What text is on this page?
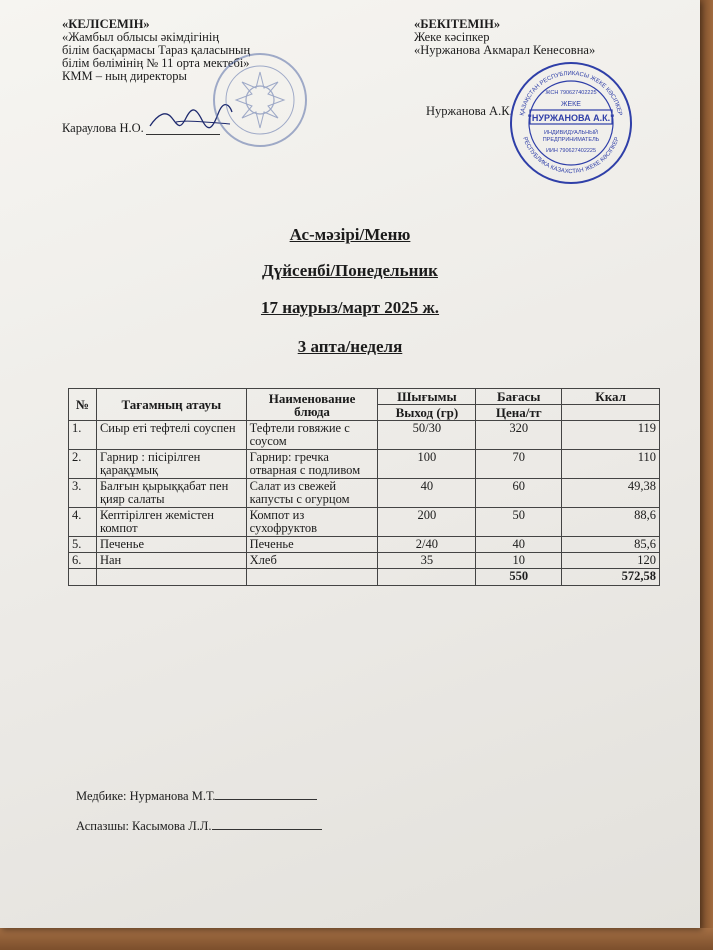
«КЕЛІСЕМІН»
«Жамбыл облысы әкімдігінің
білім басқармасы Тараз қаласының
білім бөлімінің № 11 орта мектебі»
КММ – ның директоры
Караулова Н.О.
«БЕКІТЕМІН»
Жеке кәсіпкер
«Нуржанова Акмарал Кенесовна»
Нуржанова А.К. ҚАЗАҚСТАН РЕСПУБЛИКАСЫ ЖЕКЕ КӘСІПКЕР
РЕСПУБЛИКА КАЗАХСТАН ЖЕКЕ КӘСІПКЕР
ЖСН 790627402225
ЖЕКЕ
"НУРЖАНОВА А.К."
ИНДИВИДУАЛЬНЫЙ
ПРЕДПРИНИМАТЕЛЬ
ИИН 790627402225
Ас-мәзірі/Меню
Дүйсенбі/Понедельник
17 наурыз/март 2025 ж.
3 апта/неделя
№	Тағамның атауы	Наименование блюда	Шығымы	Бағасы	Ккал
			Выход (гр)	Цена/тг	
1.	Сиыр еті тефтелі соуспен	Тефтели говяжие с соусом	50/30	320	119
2.	Гарнир : пісірілген қарақұмық	Гарнир: гречка отварная с подливом	100	70	110
3.	Балғын қырыққабат пен қияр салаты	Салат из свежей капусты с огурцом	40	60	49,38
4.	Кептірілген жемістен компот	Компот из сухофруктов	200	50	88,6
5.	Печенье	Печенье	2/40	40	85,6
6.	Нан	Хлеб	35	10	120
				550	572,58
Медбике: Нурманова М.Т.
Аспазшы: Касымова Л.Л.
